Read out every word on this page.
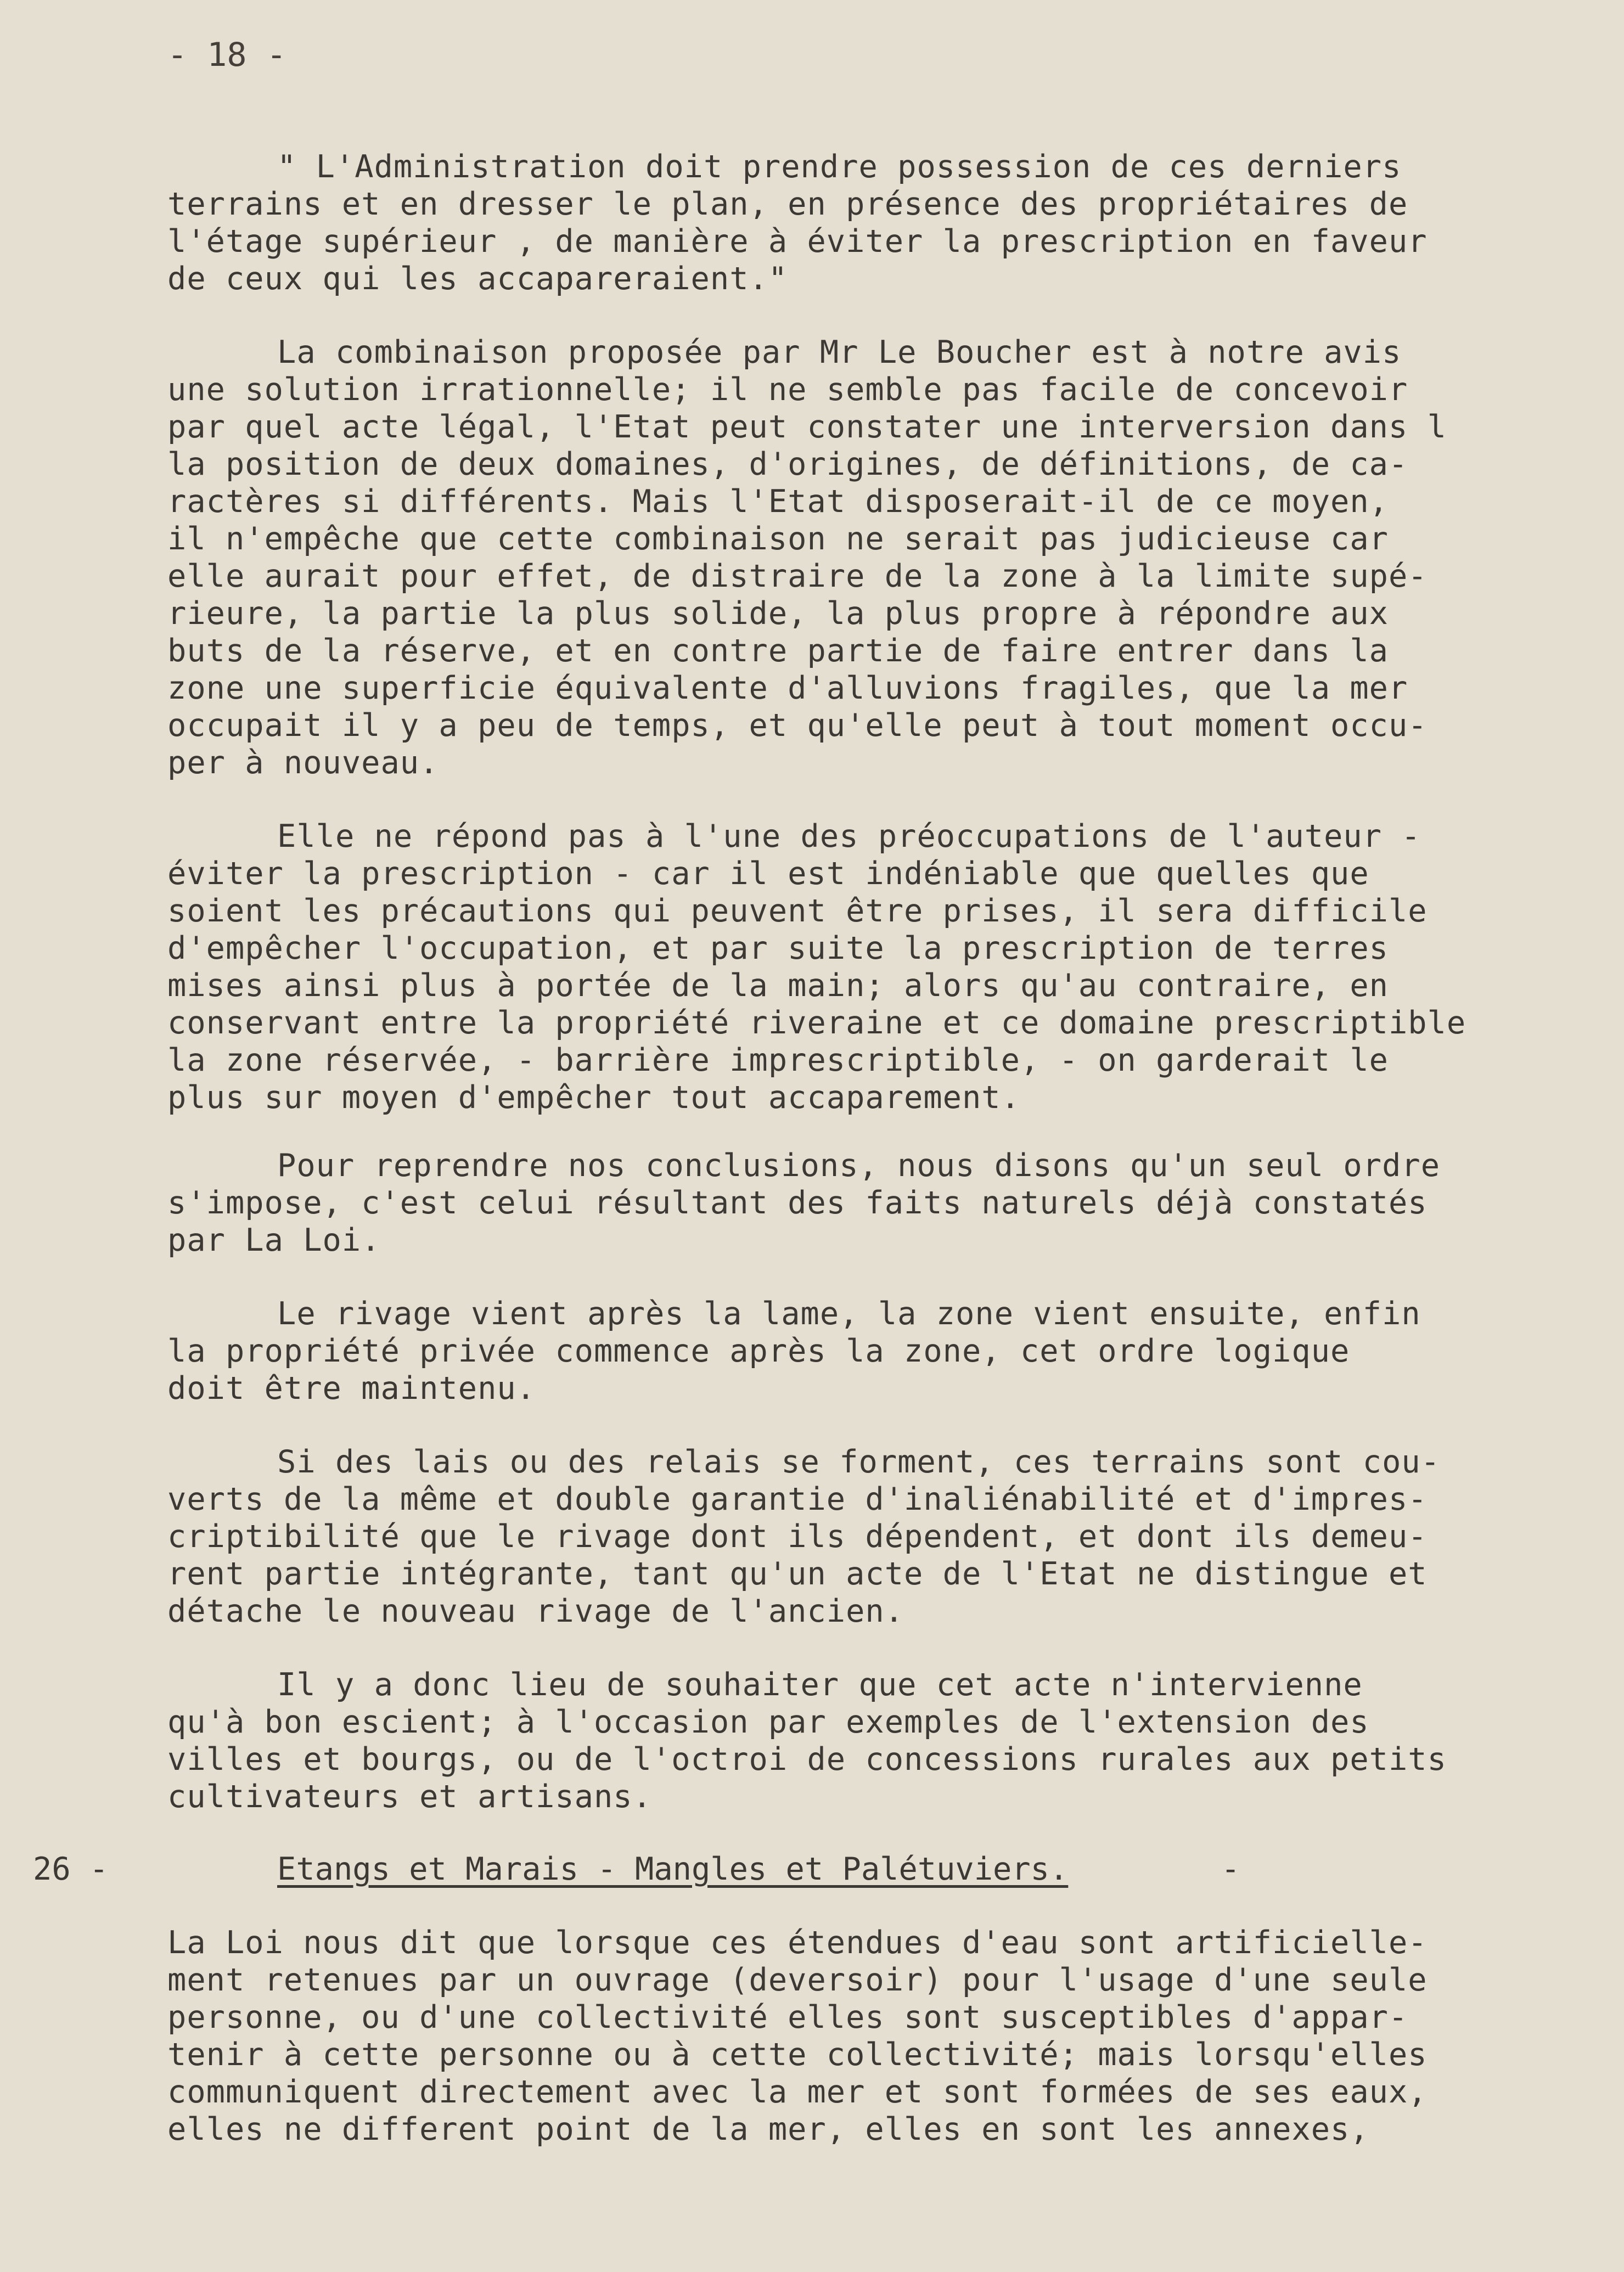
- 18 -
" L'Administration doit prendre possession de ces derniers
terrains et en dresser le plan, en présence des propriétaires de
l'étage supérieur , de manière à éviter la prescription en faveur
de ceux qui les accapareraient."
La combinaison proposée par Mr Le Boucher est à notre avis
une solution irrationnelle; il ne semble pas facile de concevoir
par quel acte légal, l'Etat peut constater une interversion dans l
la position de deux domaines, d'origines, de définitions, de ca-
ractères si différents. Mais l'Etat disposerait-il de ce moyen,
il n'empêche que cette combinaison ne serait pas judicieuse car
elle aurait pour effet, de distraire de la zone à la limite supé-
rieure, la partie la plus solide, la plus propre à répondre aux
buts de la réserve, et en contre partie de faire entrer dans la
zone une superficie équivalente d'alluvions fragiles, que la mer
occupait il y a peu de temps, et qu'elle peut à tout moment occu-
per à nouveau.
Elle ne répond pas à l'une des préoccupations de l'auteur -
éviter la prescription - car il est indéniable que quelles que
soient les précautions qui peuvent être prises, il sera difficile
d'empêcher l'occupation, et par suite la prescription de terres
mises ainsi plus à portée de la main; alors qu'au contraire, en
conservant entre la propriété riveraine et ce domaine prescriptible
la zone réservée, - barrière imprescriptible, - on garderait le
plus sur moyen d'empêcher tout accaparement.
Pour reprendre nos conclusions, nous disons qu'un seul ordre
s'impose, c'est celui résultant des faits naturels déjà constatés
par La Loi.
Le rivage vient après la lame, la zone vient ensuite, enfin
la propriété privée commence après la zone, cet ordre logique
doit être maintenu.
Si des lais ou des relais se forment, ces terrains sont cou-
verts de la même et double garantie d'inaliénabilité et d'impres-
criptibilité que le rivage dont ils dépendent, et dont ils demeu-
rent partie intégrante, tant qu'un acte de l'Etat ne distingue et
détache le nouveau rivage de l'ancien.
Il y a donc lieu de souhaiter que cet acte n'intervienne
qu'à bon escient; à l'occasion par exemples de l'extension des
villes et bourgs, ou de l'octroi de concessions rurales aux petits
cultivateurs et artisans.
26 -	Etangs et Marais - Mangles et Palétuviers.	-
La Loi nous dit que lorsque ces étendues d'eau sont artificielle-
ment retenues par un ouvrage (deversoir) pour l'usage d'une seule
personne, ou d'une collectivité elles sont susceptibles d'appar-
tenir à cette personne ou à cette collectivité; mais lorsqu'elles
communiquent directement avec la mer et sont formées de ses eaux,
elles ne different point de la mer, elles en sont les annexes,
